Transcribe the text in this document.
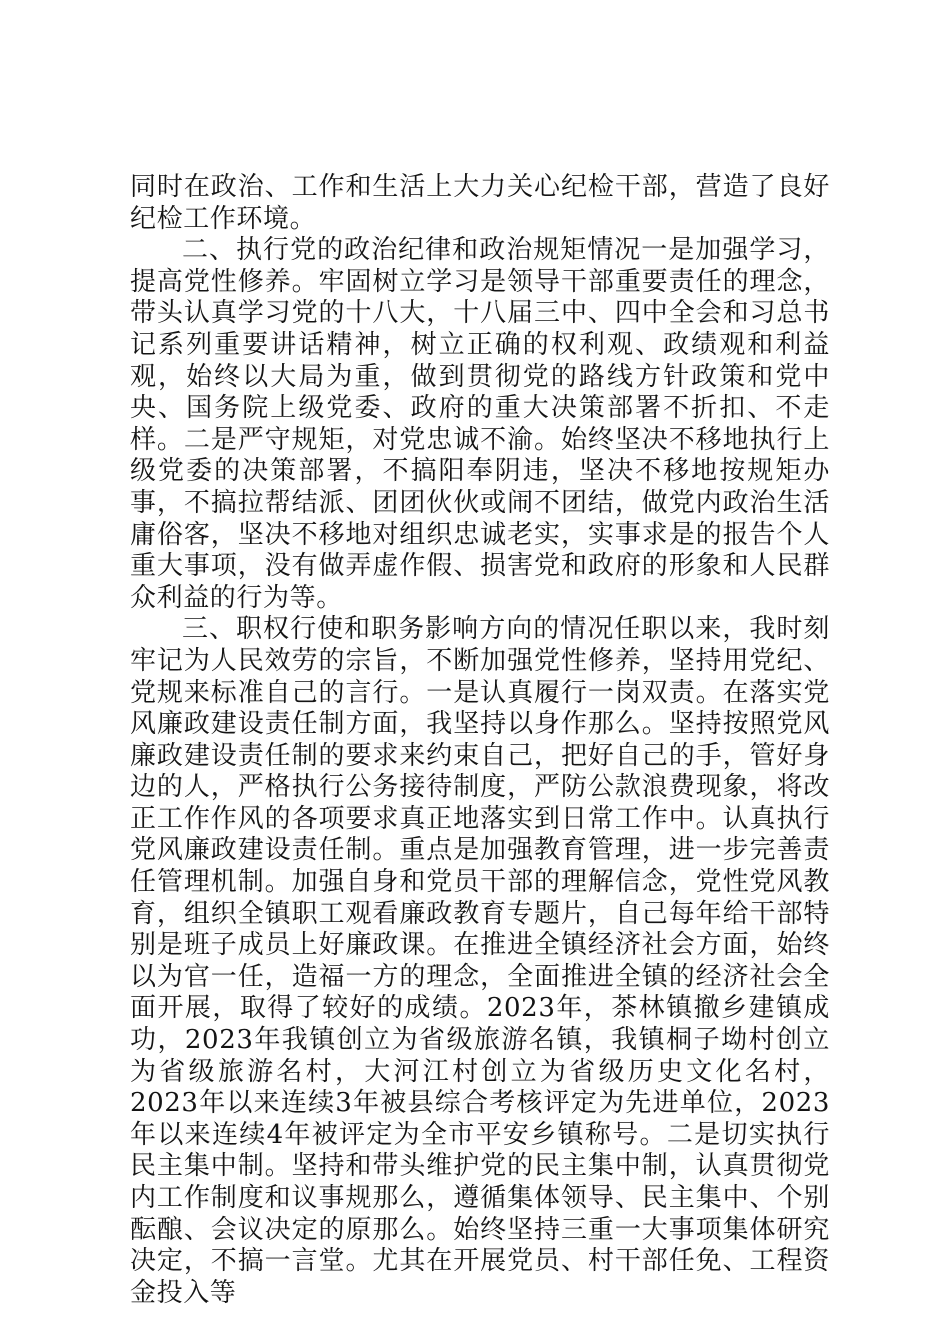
同时在政治、工作和生活上大力关心纪检干部，营造了良好纪检工作环境。

二、执行党的政治纪律和政治规矩情况一是加强学习，提高党性修养。牢固树立学习是领导干部重要责任的理念，带头认真学习党的十八大，十八届三中、四中全会和习总书记系列重要讲话精神，树立正确的权利观、政绩观和利益观，始终以大局为重，做到贯彻党的路线方针政策和党中央、国务院上级党委、政府的重大决策部署不折扣、不走样。二是严守规矩，对党忠诚不渝。始终坚决不移地执行上级党委的决策部署，不搞阳奉阴违，坚决不移地按规矩办事，不搞拉帮结派、团团伙伙或闹不团结，做党内政治生活庸俗客，坚决不移地对组织忠诚老实，实事求是的报告个人重大事项，没有做弄虚作假、损害党和政府的形象和人民群众利益的行为等。

三、职权行使和职务影响方向的情况任职以来，我时刻牢记为人民效劳的宗旨，不断加强党性修养，坚持用党纪、党规来标准自己的言行。一是认真履行一岗双责。在落实党风廉政建设责任制方面，我坚持以身作那么。坚持按照党风廉政建设责任制的要求来约束自己，把好自己的手，管好身边的人，严格执行公务接待制度，严防公款浪费现象，将改正工作作风的各项要求真正地落实到日常工作中。认真执行党风廉政建设责任制。重点是加强教育管理，进一步完善责任管理机制。加强自身和党员干部的理解信念，党性党风教育，组织全镇职工观看廉政教育专题片，自己每年给干部特别是班子成员上好廉政课。在推进全镇经济社会方面，始终以为官一任，造福一方的理念，全面推进全镇的经济社会全面开展，取得了较好的成绩。2023年，茶林镇撤乡建镇成功，2023年我镇创立为省级旅游名镇，我镇桐子坳村创立为省级旅游名村，大河江村创立为省级历史文化名村，2023年以来连续3年被县综合考核评定为先进单位，2023年以来连续4年被评定为全市平安乡镇称号。二是切实执行民主集中制。坚持和带头维护党的民主集中制，认真贯彻党内工作制度和议事规那么，遵循集体领导、民主集中、个别酝酿、会议决定的原那么。始终坚持三重一大事项集体研究决定，不搞一言堂。尤其在开展党员、村干部任免、工程资金投入等
